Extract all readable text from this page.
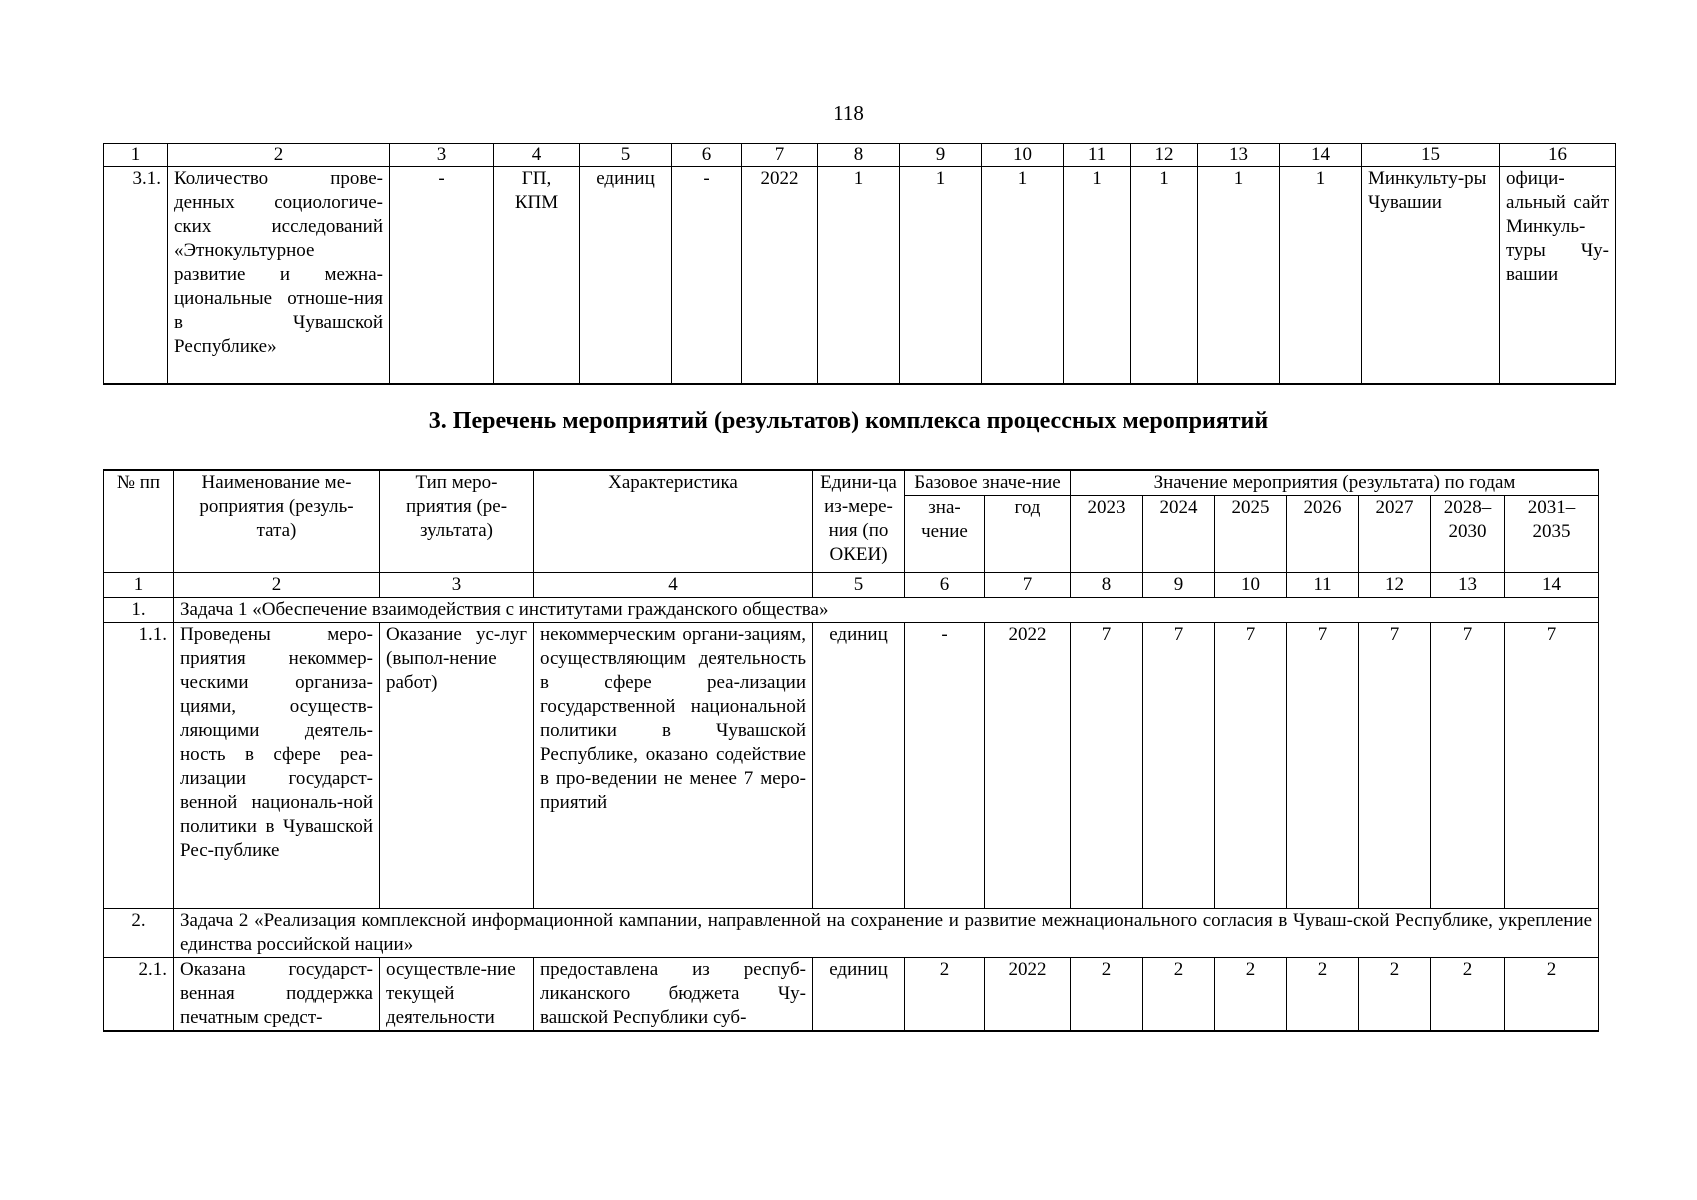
118
1	2	3	4	5	6	7	8	9	10	11	12	13	14	15	16
3.1.	Количество прове-денных социологиче-ских исследований «Этнокультурное развитие и межна-циональные отноше-ния в Чувашской Республике»	-	ГП, КПМ	единиц	-	2022	1	1	1	1	1	1	1	Минкульту-ры Чувашии	офици-альный сайт Минкуль-туры Чу-вашии
3. Перечень мероприятий (результатов) комплекса процессных мероприятий
№ пп	Наименование ме-роприятия (резуль-тата)	Тип меро-приятия (ре-зультата)	Характеристика	Едини-ца из-мере-ния (по ОКЕИ)	Базовое значе-ние		Значение мероприятия (результата) по годам						
					зна-чение	год	2023	2024	2025	2026	2027	2028–2030	2031–2035
1	2	3	4	5	6	7	8	9	10	11	12	13	14
1.	Задача 1 «Обеспечение взаимодействия с институтами гражданского общества»												
1.1.	Проведены меро-приятия некоммер-ческими организа-циями, осуществ-ляющими деятель-ность в сфере реа-лизации государст-венной националь-ной политики в Чувашской Рес-публике	Оказание ус-луг (выпол-нение работ)	некоммерческим органи-зациям, осуществляющим деятельность в сфере реа-лизации государственной национальной политики в Чувашской Республике, оказано содействие в про-ведении не менее 7 меро-приятий	единиц	-	2022	7	7	7	7	7	7	7
2.	Задача 2 «Реализация комплексной информационной кампании, направленной на сохранение и развитие межнационального согласия в Чуваш-ской Республике, укрепление единства российской нации»												
2.1.	Оказана государст-венная поддержка печатным средст-	осуществле-ние текущей деятельности	предоставлена из респуб-ликанского бюджета Чу-вашской Республики суб-	единиц	2	2022	2	2	2	2	2	2	2
